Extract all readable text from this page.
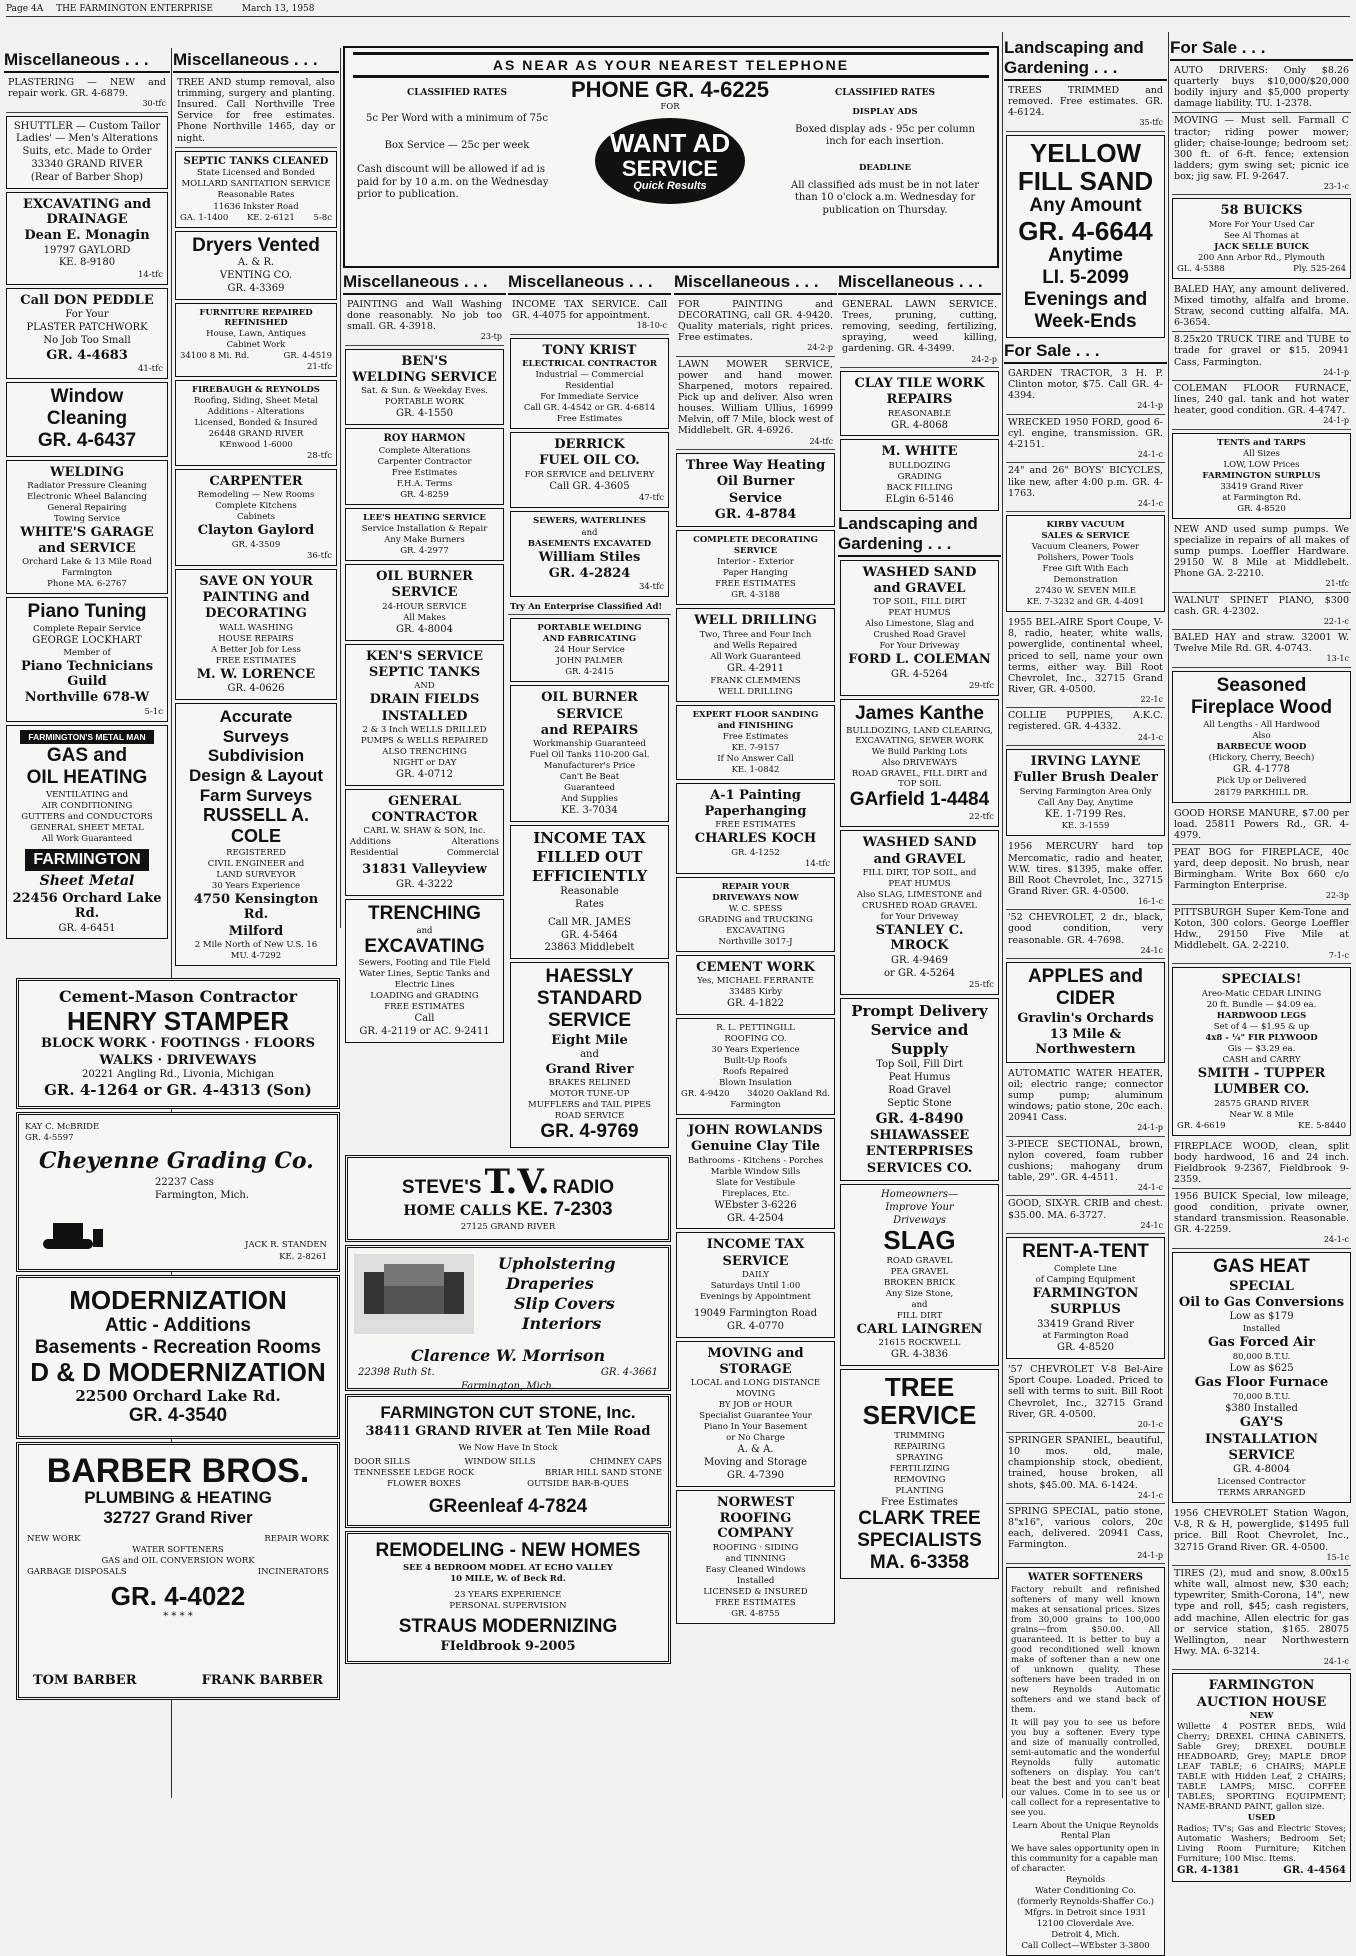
Page 4A THE FARMINGTON ENTERPRISE	March 13, 1958
Miscellaneous . . .
PLASTERING — NEW and repair work. GR. 4-6879.
30-tfc

SHUTTLER — Custom Tailor

Ladies' — Men's Alterations

Suits, etc. Made to Order

33340 GRAND RIVER

(Rear of Barber Shop)

EXCAVATING and DRAINAGE

Dean E. Monagin

19797 GAYLORD

KE. 8-9180

14-tfc

Call DON PEDDLE

For Your

PLASTER PATCHWORK

No Job Too Small

GR. 4-4683

41-tfc

Window

Cleaning

GR. 4-6437

WELDING

Radiator Pressure Cleaning

Electronic Wheel Balancing

General Repairing

Towing Service

WHITE'S GARAGE and SERVICE

Orchard Lake & 13 Mile Road

Farmington

Phone MA. 6-2767

Piano Tuning

Complete Repair Service

GEORGE LOCKHART

Member of

Piano Technicians Guild

Northville 678-W

5-1c

FARMINGTON'S METAL MAN

GAS and

OIL HEATING

VENTILATING and

AIR CONDITIONING

GUTTERS and CONDUCTORS

GENERAL SHEET METAL

All Work Guaranteed

FARMINGTON

Sheet Metal

22456 Orchard Lake Rd.

GR. 4-6451

Miscellaneous . . .
TREE AND stump removal, also trimming, surgery and planting. Insured. Call Northville Tree Service for free estimates. Phone Northville 1465, day or night.

SEPTIC TANKS CLEANED

State Licensed and Bonded

MOLLARD SANITATION SERVICE

Reasonable Rates

11636 Inkster Road

GA. 1-1400 KE. 2-6121 5-8c

Dryers Vented

A. & R.

VENTING CO.

GR. 4-3369

FURNITURE REPAIRED REFINISHED

House, Lawn, Antiques

Cabinet Work

34100 8 Mi. Rd.	GR. 4-4519

21-tfc

FIREBAUGH & REYNOLDS

Roofing, Siding, Sheet Metal

Additions - Alterations

Licensed, Bonded & Insured

26448 GRAND RIVER

KEnwood 1-6000

28-tfc

CARPENTER

Remodeling — New Rooms

Complete Kitchens

Cabinets

Clayton Gaylord

GR. 4-3509

36-tfc

SAVE ON YOUR

PAINTING and

DECORATING

WALL WASHING

HOUSE REPAIRS

A Better Job for Less

FREE ESTIMATES

M. W. LORENCE

GR. 4-0626

Accurate

Surveys

Subdivision

Design & Layout

Farm Surveys

RUSSELL A.

COLE

REGISTERED

CIVIL ENGINEER and

LAND SURVEYOR

30 Years Experience

4750 Kensington Rd.

Milford

2 Mile North of New U.S. 16

MU. 4-7292

Cement-Mason Contractor

HENRY STAMPER

BLOCK WORK · FOOTINGS · FLOORS

WALKS · DRIVEWAYS

20221 Angling Rd., Livonia, Michigan

GR. 4-1264 or GR. 4-4313 (Son)

KAY C. McBRIDE

GR. 4-5597

Cheyenne Grading Co.

22237 Cass

Farmington, Mich.

JACK R. STANDEN

KE. 2-8261

MODERNIZATION

Attic - Additions

Basements - Recreation Rooms

D & D MODERNIZATION

22500 Orchard Lake Rd.

GR. 4-3540

BARBER BROS.

PLUMBING & HEATING

32727 Grand River

NEW WORK	REPAIR WORK

WATER SOFTENERS

GAS and OIL CONVERSION WORK

GARBAGE DISPOSALS	INCINERATORS

GR. 4-4022

* * * *

TOM BARBER	FRANK BARBER

AS NEAR AS YOUR NEAREST TELEPHONE

CLASSIFIED RATES

5c Per Word with a minimum of 75c

Box Service — 25c per week

Cash discount will be allowed if ad is paid for by 10 a.m. on the Wednesday prior to publication.

PHONE GR. 4-6225

FOR

WANT AD
SERVICE
Quick Results

CLASSIFIED RATES

DISPLAY ADS

Boxed display ads - 95c per column inch for each insertion.

DEADLINE

All classified ads must be in not later than 10 o'clock a.m. Wednesday for publication on Thursday.

Miscellaneous . . .
PAINTING and Wall Washing done reasonably. No job too small. GR. 4-3918.
23-tp

BEN'S

WELDING SERVICE

Sat. & Sun. & Weekday Eves.

PORTABLE WORK

GR. 4-1550

ROY HARMON

Complete Alterations

Carpenter Contractor

Free Estimates

F.H.A. Terms

GR. 4-8259

LEE'S HEATING SERVICE

Service Installation & Repair

Any Make Burners

GR. 4-2977

OIL BURNER

SERVICE

24-HOUR SERVICE

All Makes

GR. 4-8004

KEN'S SERVICE

SEPTIC TANKS

AND

DRAIN FIELDS

INSTALLED

2 & 3 Inch WELLS DRILLED

PUMPS & WELLS REPAIRED

ALSO TRENCHING

NIGHT or DAY

GR. 4-0712

GENERAL

CONTRACTOR

CARL W. SHAW & SON, Inc.

Additions	Alterations

Residential	Commercial

31831 Valleyview

GR. 4-3222

TRENCHING

and

EXCAVATING

Sewers, Footing and Tile Field

Water Lines, Septic Tanks and

Electric Lines

LOADING and GRADING

FREE ESTIMATES

Call

GR. 4-2119 or AC. 9-2411

Miscellaneous . . .
INCOME TAX SERVICE. Call GR. 4-4075 for appointment.
18-10-c

TONY KRIST

ELECTRICAL CONTRACTOR

Industrial — Commercial

Residential

For Immediate Service

Call GR. 4-4542 or GR. 4-6814

Free Estimates

DERRICK

FUEL OIL CO.

FOR SERVICE and DELIVERY

Call GR. 4-3605

47-tfc

SEWERS, WATERLINES

and

BASEMENTS EXCAVATED

William Stiles

GR. 4-2824

34-tfc

Try An Enterprise Classified Ad!

PORTABLE WELDING

AND FABRICATING

24 Hour Service

JOHN PALMER

GR. 4-2415

OIL BURNER

SERVICE

and REPAIRS

Workmanship Guaranteed

Fuel Oil Tanks 110-200 Gal.

Manufacturer's Price

Can't Be Beat

Guaranteed

And Supplies

KE. 3-7034

INCOME TAX

FILLED OUT

EFFICIENTLY

Reasonable

Rates

Call MR. JAMES

GR. 4-5464

23863 Middlebelt

HAESSLY

STANDARD

SERVICE

Eight Mile

and

Grand River

BRAKES RELINED

MOTOR TUNE-UP

MUFFLERS and TAIL PIPES

ROAD SERVICE

GR. 4-9769

STEVE'S T.V. RADIO

HOME CALLS KE. 7-2303

27125 GRAND RIVER

Upholstering

Draperies

Slip Covers

Interiors

Clarence W. Morrison

22398 Ruth St.	GR. 4-3661

Farmington, Mich.

FARMINGTON CUT STONE, Inc.

38411 GRAND RIVER at Ten Mile Road

We Now Have In Stock

DOOR SILLS	WINDOW SILLS	CHIMNEY CAPS

TENNESSEE LEDGE ROCK	BRIAR HILL SAND STONE

FLOWER BOXES	OUTSIDE BAR-B-QUES

GReenleaf 4-7824

REMODELING - NEW HOMES

SEE 4 BEDROOM MODEL AT ECHO VALLEY

10 MILE, W. of Beck Rd.

23 YEARS EXPERIENCE

PERSONAL SUPERVISION

STRAUS MODERNIZING

FIeldbrook 9-2005

Miscellaneous . . .
FOR PAINTING and DECORATING, call GR. 4-9420. Quality materials, right prices. Free estimates.
24-2-p
LAWN MOWER SERVICE, power and hand mower. Sharpened, motors repaired. Pick up and deliver. Also wren houses. William Ullius, 16999 Melvin, off 7 Mile, block west of Middlebelt. GR. 4-6926.
24-tfc

Three Way Heating

Oil Burner

Service

GR. 4-8784

COMPLETE DECORATING

SERVICE

Interior - Exterior

Paper Hanging

FREE ESTIMATES

GR. 4-3188

WELL DRILLING

Two, Three and Four Inch

and Wells Repaired

All Work Guaranteed

GR. 4-2911

FRANK CLEMMENS

WELL DRILLING

EXPERT FLOOR SANDING

and FINISHING

Free Estimates

KE. 7-9157

If No Answer Call

KE. 1-0842

A-1 Painting

Paperhanging

FREE ESTIMATES

CHARLES KOCH

GR. 4-1252

14-tfc

REPAIR YOUR

DRIVEWAYS NOW

W. C. SPESS

GRADING and TRUCKING

EXCAVATING

Northville 3017-J

CEMENT WORK

Yes, MICHAEL FERRANTE

33485 Kirby

GR. 4-1822

R. L. PETTINGILL

ROOFING CO.

30 Years Experience

Built-Up Roofs

Roofs Repaired

Blown Insulation

GR. 4-9420 34020 Oakland Rd.

Farmington

JOHN ROWLANDS

Genuine Clay Tile

Bathrooms - Kitchens - Porches

Marble Window Sills

Slate for Vestibule

Fireplaces, Etc.

WEbster 3-6226

GR. 4-2504

INCOME TAX

SERVICE

DAILY

Saturdays Until 1:00

Evenings by Appointment

19049 Farmington Road

GR. 4-0770

MOVING and

STORAGE

LOCAL and LONG DISTANCE

MOVING

BY JOB or HOUR

Specialist Guarantee Your

Piano In Your Basement

or No Charge

A. & A.

Moving and Storage

GR. 4-7390

NORWEST

ROOFING COMPANY

ROOFING · SIDING

and TINNING

Easy Cleaned Windows

Installed

LICENSED & INSURED

FREE ESTIMATES

GR. 4-8755

Miscellaneous . . .
GENERAL LAWN SERVICE. Trees, pruning, cutting, removing, seeding, fertilizing, spraying, weed killing, gardening. GR. 4-3499.
24-2-p

CLAY TILE WORK

REPAIRS

REASONABLE

GR. 4-8068

M. WHITE

BULLDOZING

GRADING

BACK FILLING

ELgin 6-5146

Landscaping and Gardening . . .

WASHED SAND

and GRAVEL

TOP SOIL, FILL DIRT

PEAT HUMUS

Also Limestone, Slag and

Crushed Road Gravel

For Your Driveway

FORD L. COLEMAN

GR. 4-5264

29-tfc

James Kanthe

BULLDOZING, LAND CLEARING, EXCAVATING, SEWER WORK

We Build Parking Lots

Also DRIVEWAYS

ROAD GRAVEL, FILL DIRT and TOP SOIL

GArfield 1-4484

22-tfc

WASHED SAND

and GRAVEL

FILL DIRT, TOP SOIL, and

PEAT HUMUS

Also SLAG, LIMESTONE and

CRUSHED ROAD GRAVEL

for Your Driveway

STANLEY C. MROCK

GR. 4-9469

or GR. 4-5264

25-tfc

Prompt Delivery

Service and

Supply

Top Soil, Fill Dirt

Peat Humus

Road Gravel

Septic Stone

GR. 4-8490

SHIAWASSEE

ENTERPRISES

SERVICES CO.

Homeowners—

Improve Your

Driveways

SLAG

ROAD GRAVEL

PEA GRAVEL

BROKEN BRICK

Any Size Stone,

and

FILL DIRT

CARL LAINGREN

21615 ROCKWELL

GR. 4-3836

TREE

SERVICE

TRIMMING

REPAIRING

SPRAYING

FERTILIZING

REMOVING

PLANTING

Free Estimates

CLARK TREE

SPECIALISTS

MA. 6-3358

Landscaping and Gardening . . .
TREES TRIMMED and removed. Free estimates. GR. 4-6124.
35-tfc

YELLOW

FILL SAND

Any Amount

GR. 4-6644

Anytime

LI. 5-2099

Evenings and

Week-Ends

For Sale . . .
GARDEN TRACTOR, 3 H. P. Clinton motor, $75. Call GR. 4-4394.
24-1-p
WRECKED 1950 FORD, good 6-cyl. engine, transmission. GR. 4-2151.
24-1-c
24" and 26" BOYS' BICYCLES, like new, after 4:00 p.m. GR. 4-1763.
24-1-c

KIRBY VACUUM

SALES & SERVICE

Vacuum Cleaners, Power

Polishers, Power Tools

Free Gift With Each

Demonstration

27430 W. SEVEN MILE

KE. 7-3232 and GR. 4-4091

1955 BEL-AIRE Sport Coupe, V-8, radio, heater, white walls, powerglide, continental wheel, priced to sell, name your own terms, either way. Bill Root Chevrolet, Inc., 32715 Grand River, GR. 4-0500.
22-1c
COLLIE PUPPIES, A.K.C. registered. GR. 4-4332.
24-1-c

IRVING LAYNE

Fuller Brush Dealer

Serving Farmington Area Only

Call Any Day, Anytime

KE. 1-7199 Res.

KE. 3-1559

1956 MERCURY hard top Mercomatic, radio and heater, W.W. tires. $1395, make offer. Bill Root Chevrolet, Inc., 32715 Grand River. GR. 4-0500.
16-1-c
'52 CHEVROLET, 2 dr., black, good condition, very reasonable. GR. 4-7698.
24-1c

APPLES and

CIDER

Gravlin's Orchards

13 Mile & Northwestern

AUTOMATIC WATER HEATER, oil; electric range; connector sump pump; aluminum windows; patio stone, 20c each. 20941 Cass.
24-1-p
3-PIECE SECTIONAL, brown, nylon covered, foam rubber cushions; mahogany drum table, 29". GR. 4-4511.
24-1-c
GOOD, SIX-YR. CRIB and chest. $35.00. MA. 6-3727.
24-1c

RENT-A-TENT

Complete Line

of Camping Equipment

FARMINGTON

SURPLUS

33419 Grand River

at Farmington Road

GR. 4-8520

'57 CHEVROLET V-8 Bel-Aire Sport Coupe. Loaded. Priced to sell with terms to suit. Bill Root Chevrolet, Inc., 32715 Grand River, GR. 4-0500.
20-1-c
SPRINGER SPANIEL, beautiful, 10 mos. old, male, championship stock, obedient, trained, house broken, all shots, $45.00. MA. 6-1424.
24-1-c
SPRING SPECIAL, patio stone, 8"x16", various colors, 20c each, delivered. 20941 Cass, Farmington.
24-1-p

WATER SOFTENERS

Factory rebuilt and refinished softeners of many well known makes at sensational prices. Sizes from 30,000 grains to 100,000 grains—from $50.00. All guaranteed. It is better to buy a good reconditioned well known make of softener than a new one of unknown quality. These softeners have been traded in on new Reynolds Automatic softeners and we stand back of them.

It will pay you to see us before you buy a softener. Every type and size of manually controlled, semi-automatic and the wonderful Reynolds fully automatic softeners on display. You can't beat the best and you can't beat our values. Come in to see us or call collect for a representative to see you.

Learn About the Unique Reynolds Rental Plan

We have sales opportunity open in this community for a capable man of character.

Reynolds

Water Conditioning Co.

(formerly Reynolds-Shaffer Co.)

Mfgrs. in Detroit since 1931

12100 Cloverdale Ave.

Detroit 4, Mich.

Call Collect—WEbster 3-3800

For Sale . . .
AUTO DRIVERS: Only $8.26 quarterly buys $10,000/$20,000 bodily injury and $5,000 property damage liability. TU. 1-2378.
MOVING — Must sell. Farmall C tractor; riding power mower; glider; chaise-lounge; bedroom set; 300 ft. of 6-ft. fence; extension ladders; gym swing set; picnic ice box; jig saw. FI. 9-2647.
23-1-c

58 BUICKS

More For Your Used Car

See Al Thomas at

JACK SELLE BUICK

200 Ann Arbor Rd., Plymouth

GL. 4-5388	Ply. 525-264

BALED HAY, any amount delivered. Mixed timothy, alfalfa and brome. Straw, second cutting alfalfa. MA. 6-3654.
8.25x20 TRUCK TIRE and TUBE to trade for gravel or $15. 20941 Cass, Farmington.
24-1-p
COLEMAN FLOOR FURNACE, lines, 240 gal. tank and hot water heater, good condition. GR. 4-4747.
24-1-p

TENTS and TARPS

All Sizes

LOW, LOW Prices

FARMINGTON SURPLUS

33419 Grand River

at Farmington Rd.

GR. 4-8520

NEW AND used sump pumps. We specialize in repairs of all makes of sump pumps. Loeffler Hardware. 29150 W. 8 Mile at Middlebelt. Phone GA. 2-2210.
21-tfc
WALNUT SPINET PIANO, $300 cash. GR. 4-2302.
22-1-c
BALED HAY and straw. 32001 W. Twelve Mile Rd. GR. 4-0743.
13-1c

Seasoned

Fireplace Wood

All Lengths - All Hardwood

Also

BARBECUE WOOD

(Hickory, Cherry, Beech)

GR. 4-1778

Pick Up or Delivered

28179 PARKHILL DR.

GOOD HORSE MANURE, $7.00 per load. 25811 Powers Rd., GR. 4-4979.
PEAT BOG for FIREPLACE, 40c yard, deep deposit. No brush, near Birmingham. Write Box 660 c/o Farmington Enterprise.
22-3p
PITTSBURGH Super Kem-Tone and Koton, 300 colors. George Loeffler Hdw., 29150 Five Mile at Middlebelt. GA. 2-2210.
7-1-c

SPECIALS!

Areo-Matic CEDAR LINING

20 ft. Bundle — $4.09 ea.

HARDWOOD LEGS

Set of 4 — $1.95 & up

4x8 - ¼" FIR PLYWOOD

Gis — $3.29 ea.

CASH and CARRY

SMITH - TUPPER

LUMBER CO.

28575 GRAND RIVER

Near W. 8 Mile

GR. 4-6619	KE. 5-8440

FIREPLACE WOOD, clean, split body hardwood, 16 and 24 inch. Fieldbrook 9-2367, Fieldbrook 9-2359.
1956 BUICK Special, low mileage, good condition, private owner, standard transmission. Reasonable. GR. 4-2259.
24-1-c

GAS HEAT

SPECIAL

Oil to Gas Conversions

Low as $179

Installed

Gas Forced Air

80,000 B.T.U.

Low as $625

Gas Floor Furnace

70,000 B.T.U.

$380 Installed

GAY'S

INSTALLATION

SERVICE

GR. 4-8004

Licensed Contractor

TERMS ARRANGED

1956 CHEVROLET Station Wagon, V-8, R & H, powerglide, $1495 full price. Bill Root Chevrolet, Inc., 32715 Grand River. GR. 4-0500.
15-1c
TIRES (2), mud and snow, 8.00x15 white wall, almost new, $30 each; typewriter, Smith-Corona, 14", new type and roll, $45; cash registers, add machine, Allen electric for gas or service station, $165. 28075 Wellington, near Northwestern Hwy. MA. 6-3214.
24-1-c

FARMINGTON

AUCTION HOUSE

NEW

Willette 4 POSTER BEDS, Wild Cherry; DREXEL CHINA CABINETS, Sable Grey; DREXEL DOUBLE HEADBOARD, Grey; MAPLE DROP LEAF TABLE; 6 CHAIRS; MAPLE TABLE with Hidden Leaf, 2 CHAIRS; TABLE LAMPS; MISC. COFFEE TABLES; SPORTING EQUIPMENT; NAME-BRAND PAINT, gallon size.

USED

Radios; TV's; Gas and Electric Stoves; Automatic Washers; Bedroom Set; Living Room Furniture; Kitchen Furniture; 100 Misc. Items.

GR. 4-1381	GR. 4-4564
